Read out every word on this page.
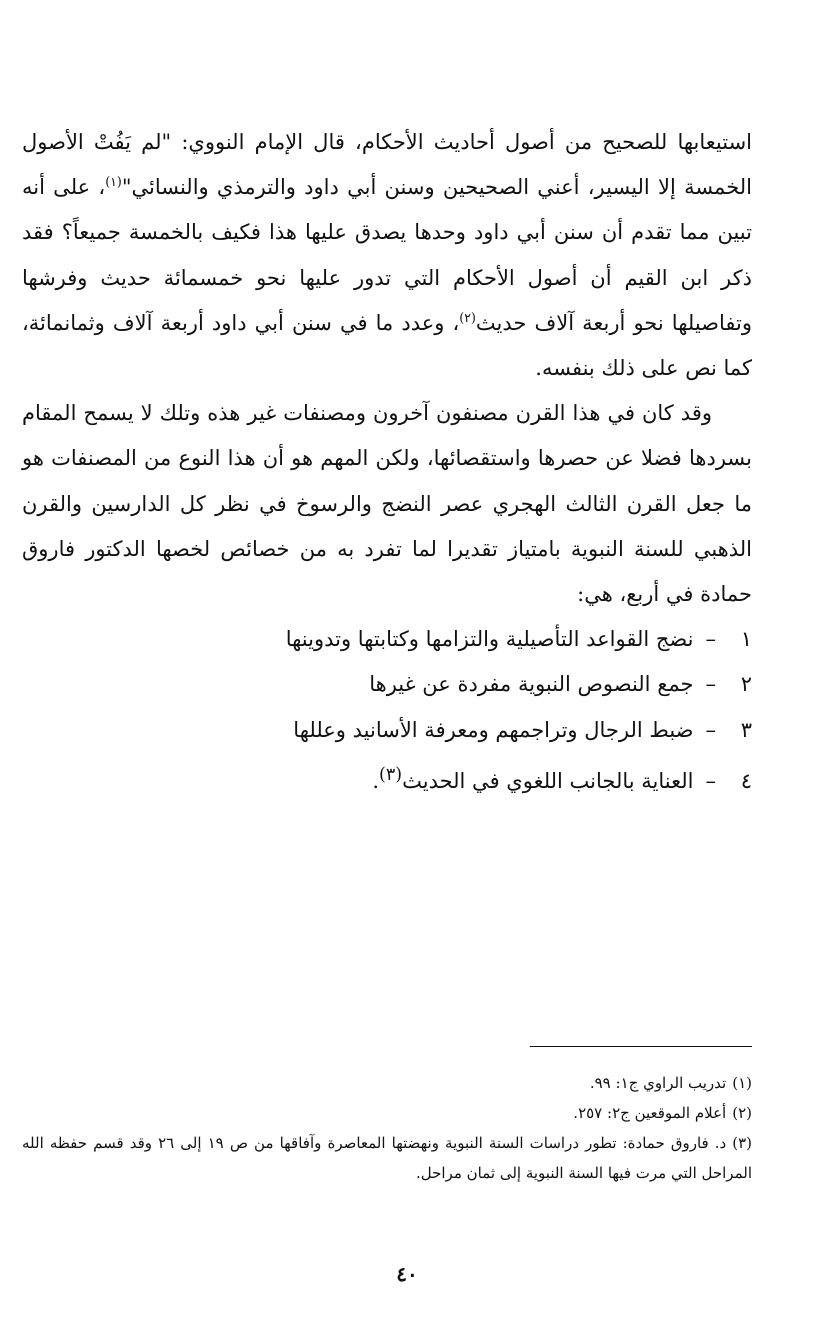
استيعابها للصحيح من أصول أحاديث الأحكام، قال الإمام النووي: "لم يَفُتْ الأصول الخمسة إلا اليسير، أعني الصحيحين وسنن أبي داود والترمذي والنسائي"$^{(١)}$، على أنه تبين مما تقدم أن سنن أبي داود وحدها يصدق عليها هذا فكيف بالخمسة جميعاً؟ فقد ذكر ابن القيم أن أصول الأحكام التي تدور عليها نحو خمسمائة حديث وفرشها وتفاصيلها نحو أربعة آلاف حديث$^{(٢)}$، وعدد ما في سنن أبي داود أربعة آلاف وثمانمائة، كما نص على ذلك بنفسه.

وقد كان في هذا القرن مصنفون آخرون ومصنفات غير هذه وتلك لا يسمح المقام بسردها فضلا عن حصرها واستقصائها، ولكن المهم هو أن هذا النوع من المصنفات هو ما جعل القرن الثالث الهجري عصر النضج والرسوخ في نظر كل الدارسين والقرن الذهبي للسنة النبوية بامتياز تقديرا لما تفرد به من خصائص لخصها الدكتور فاروق حمادة في أربع، هي:

١–نضج القواعد التأصيلية والتزامها وكتابتها وتدوينها
٢–جمع النصوص النبوية مفردة عن غيرها
٣–ضبط الرجال وتراجمهم ومعرفة الأسانيد وعللها
٤–العناية بالجانب اللغوي في الحديث$^{(٣)}$.

(١)تدريب الراوي ج١: ٩٩.

(٢)أعلام الموقعين ج٢: ٢٥٧.

(٣)د. فاروق حمادة: تطور دراسات السنة النبوية ونهضتها المعاصرة وآفاقها من ص ١٩ إلى ٢٦ وقد قسم حفظه الله المراحل التي مرت فيها السنة النبوية إلى ثمان مراحل.

٤٠
